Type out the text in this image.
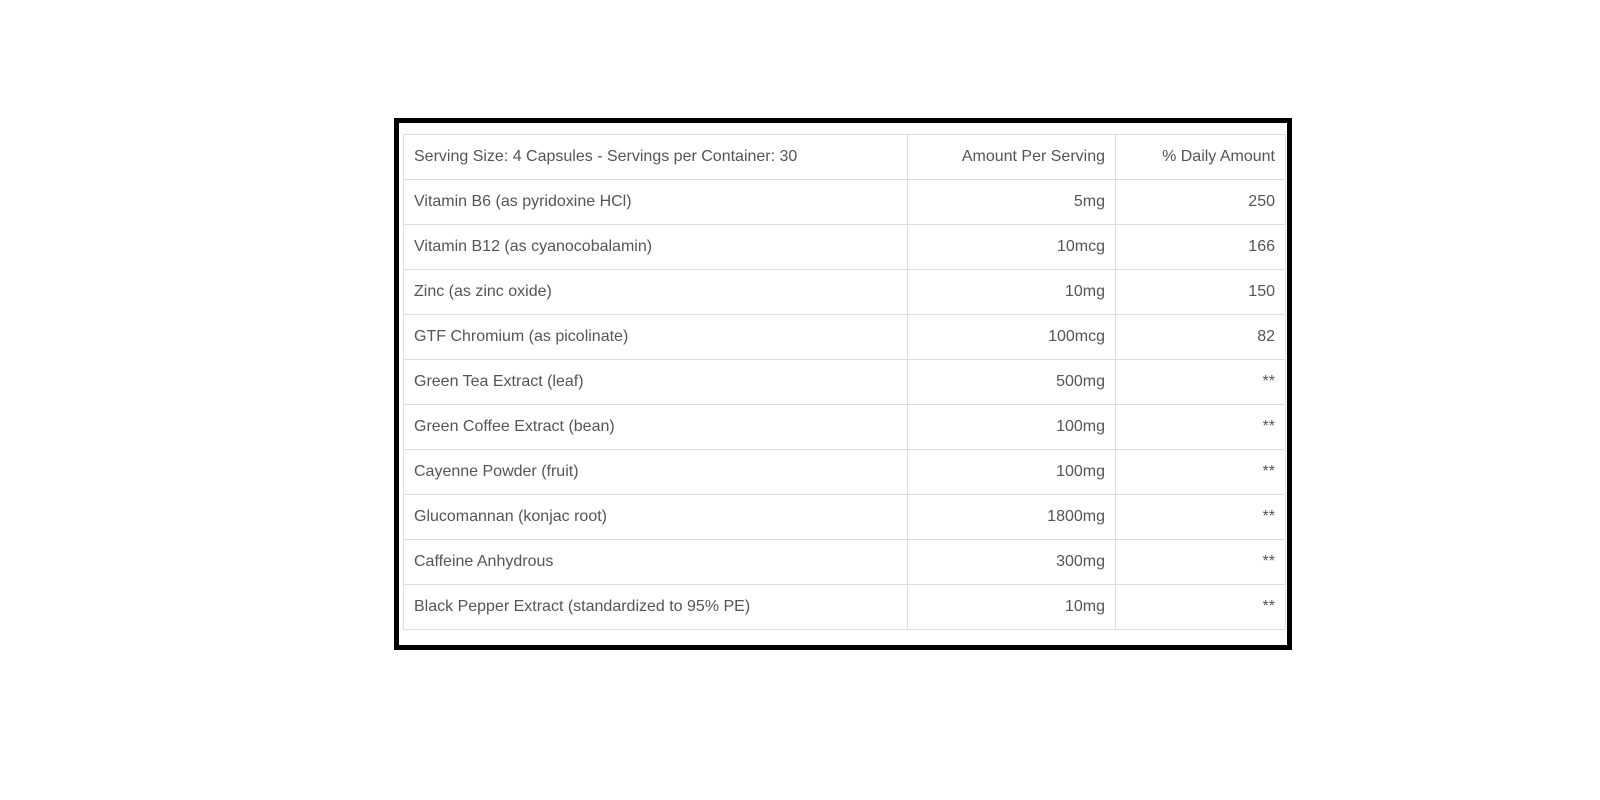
Serving Size: 4 Capsules - Servings per Container: 30	Amount Per Serving	% Daily Amount
Vitamin B6 (as pyridoxine HCl)	5mg	250
Vitamin B12 (as cyanocobalamin)	10mcg	166
Zinc (as zinc oxide)	10mg	150
GTF Chromium (as picolinate)	100mcg	82
Green Tea Extract (leaf)	500mg	**
Green Coffee Extract (bean)	100mg	**
Cayenne Powder (fruit)	100mg	**
Glucomannan (konjac root)	1800mg	**
Caffeine Anhydrous	300mg	**
Black Pepper Extract (standardized to 95% PE)	10mg	**
